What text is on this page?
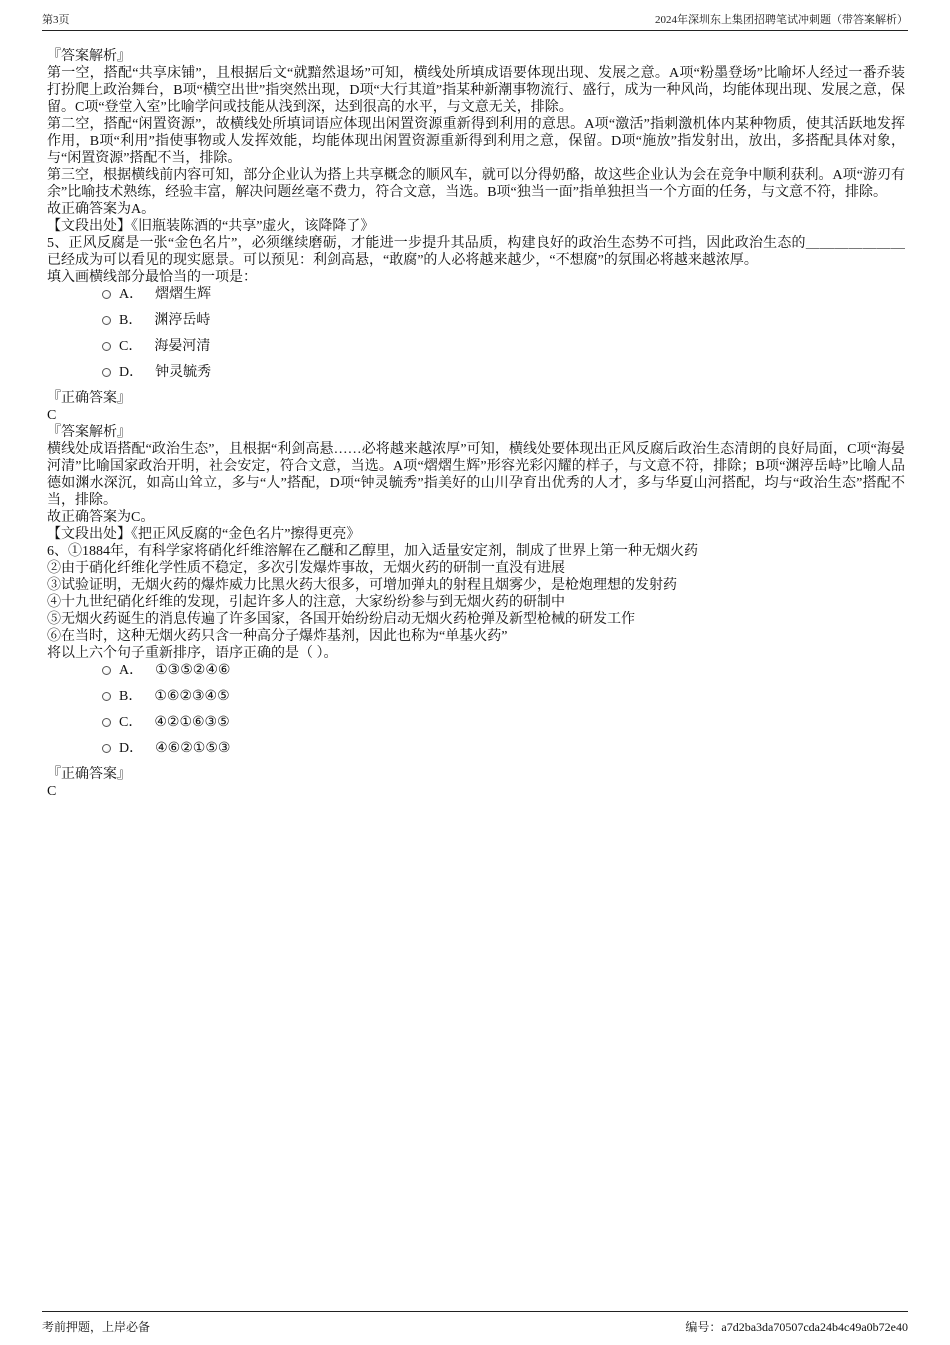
第3页	2024年深圳东上集团招聘笔试冲刺题（带答案解析）

『答案解析』

第一空，搭配“共享床铺”，且根据后文“就黯然退场”可知，横线处所填成语要体现出现、发展之意。A项“粉墨登场”比喻坏人经过一番乔装打扮爬上政治舞台，B项“横空出世”指突然出现，D项“大行其道”指某种新潮事物流行、盛行，成为一种风尚，均能体现出现、发展之意，保留。C项“登堂入室”比喻学问或技能从浅到深，达到很高的水平，与文意无关，排除。

第二空，搭配“闲置资源”，故横线处所填词语应体现出闲置资源重新得到利用的意思。A项“激活”指刺激机体内某种物质，使其活跃地发挥作用，B项“利用”指使事物或人发挥效能，均能体现出闲置资源重新得到利用之意，保留。D项“施放”指发射出，放出，多搭配具体对象，与“闲置资源”搭配不当，排除。

第三空，根据横线前内容可知，部分企业认为搭上共享概念的顺风车，就可以分得奶酪，故这些企业认为会在竞争中顺利获利。A项“游刃有余”比喻技术熟练，经验丰富，解决问题丝毫不费力，符合文意，当选。B项“独当一面”指单独担当一个方面的任务，与文意不符，排除。

故正确答案为A。

【文段出处】《旧瓶装陈酒的“共享”虚火，该降降了》

5、正风反腐是一张“金色名片”，必须继续磨砺，才能进一步提升其品质，构建良好的政治生态势不可挡，因此政治生态的＿＿＿＿＿＿＿已经成为可以看见的现实愿景。可以预见：利剑高悬，“敢腐”的人必将越来越少，“不想腐”的氛围必将越来越浓厚。

填入画横线部分最恰当的一项是：

A． 熠熠生辉
B． 渊渟岳峙
C． 海晏河清
D． 钟灵毓秀

『正确答案』

C

『答案解析』

横线处成语搭配“政治生态”，且根据“利剑高悬……必将越来越浓厚”可知，横线处要体现出正风反腐后政治生态清朗的良好局面，C项“海晏河清”比喻国家政治开明，社会安定，符合文意，当选。A项“熠熠生辉”形容光彩闪耀的样子，与文意不符，排除；B项“渊渟岳峙”比喻人品德如渊水深沉，如高山耸立，多与“人”搭配，D项“钟灵毓秀”指美好的山川孕育出优秀的人才，多与华夏山河搭配，均与“政治生态”搭配不当，排除。

故正确答案为C。

【文段出处】《把正风反腐的“金色名片”擦得更亮》

6、①1884年，有科学家将硝化纤维溶解在乙醚和乙醇里，加入适量安定剂，制成了世界上第一种无烟火药

②由于硝化纤维化学性质不稳定，多次引发爆炸事故，无烟火药的研制一直没有进展

③试验证明，无烟火药的爆炸威力比黑火药大很多，可增加弹丸的射程且烟雾少，是枪炮理想的发射药

④十九世纪硝化纤维的发现，引起许多人的注意，大家纷纷参与到无烟火药的研制中

⑤无烟火药诞生的消息传遍了许多国家，各国开始纷纷启动无烟火药枪弹及新型枪械的研发工作

⑥在当时，这种无烟火药只含一种高分子爆炸基剂，因此也称为“单基火药”

将以上六个句子重新排序，语序正确的是（ ）。

A． ①③⑤②④⑥
B． ①⑥②③④⑤
C． ④②①⑥③⑤
D． ④⑥②①⑤③

『正确答案』

C

考前押题，上岸必备	编号：a7d2ba3da70507cda24b4c49a0b72e40
